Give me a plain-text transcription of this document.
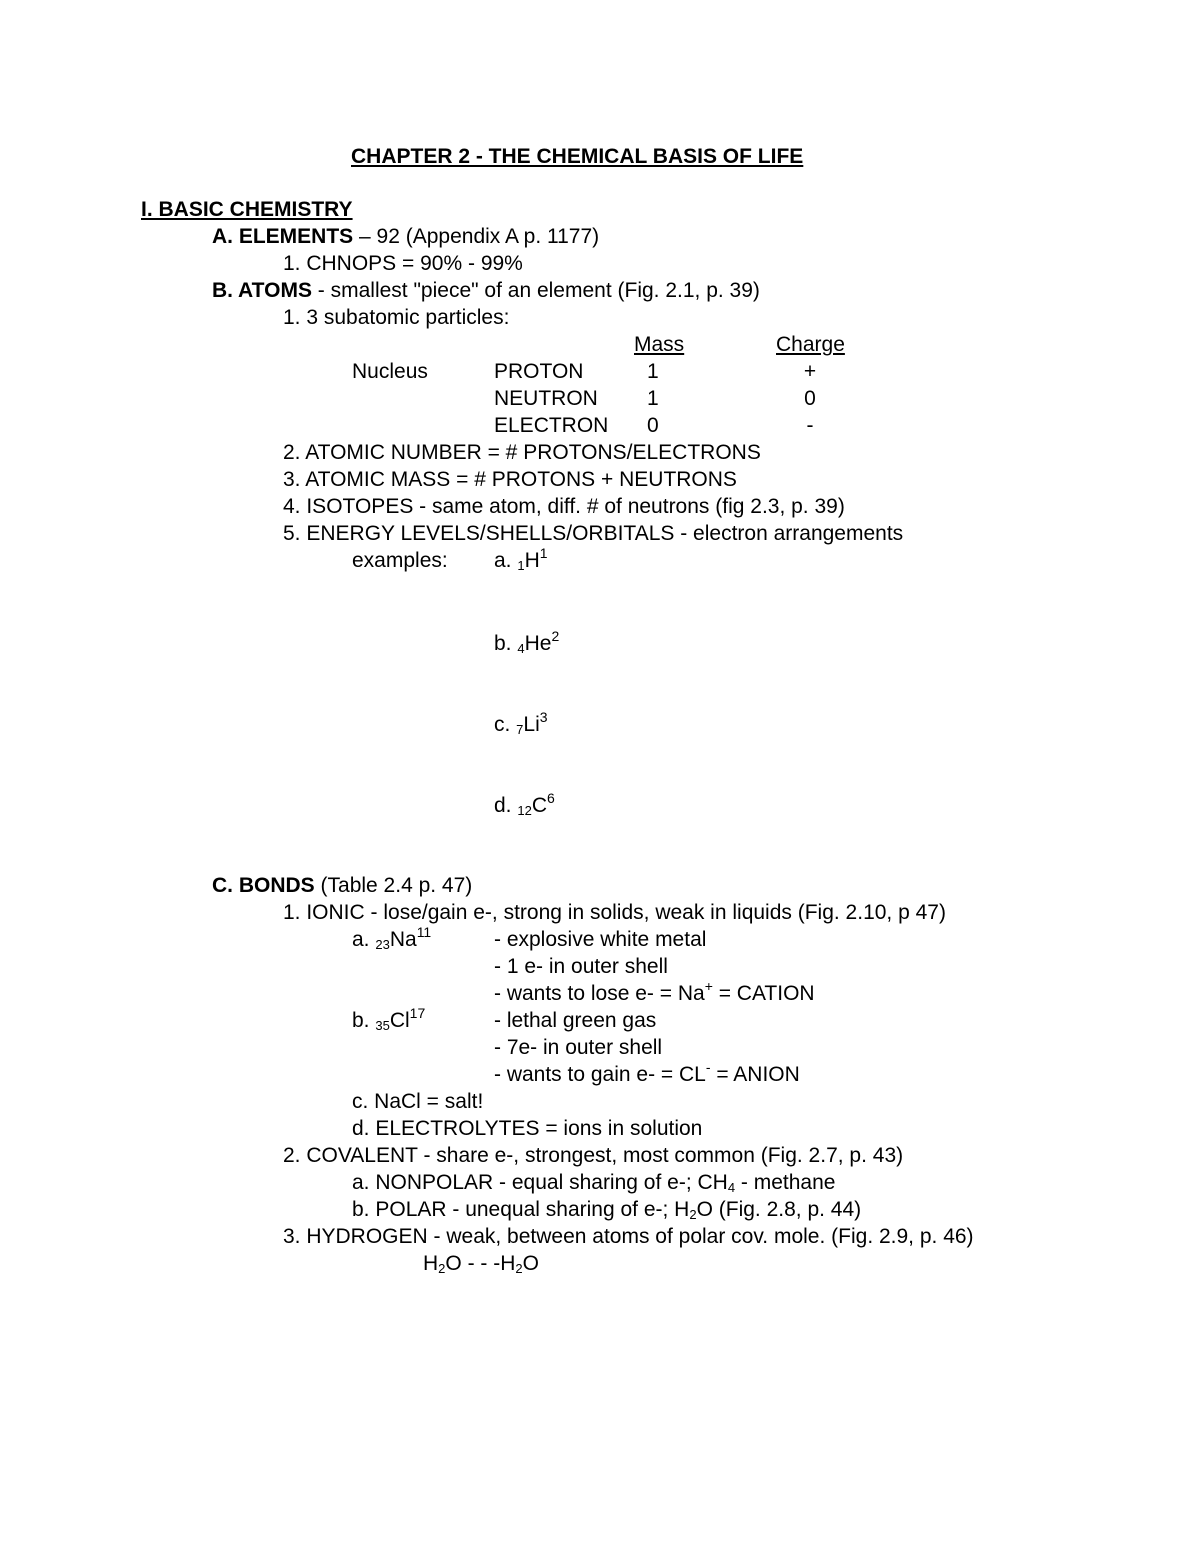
CHAPTER 2 - THE CHEMICAL BASIS OF LIFE
I. BASIC CHEMISTRY
A. ELEMENTS – 92 (Appendix A p. 1177)
1. CHNOPS = 90% - 99%
B. ATOMS - smallest "piece" of an element (Fig. 2.1, p. 39)
1. 3 subatomic particles:
Mass	Charge
Nucleus	PROTON	1	+
NEUTRON 1	0
ELECTRON 0	-
2. ATOMIC NUMBER = # PROTONS/ELECTRONS
3. ATOMIC MASS = # PROTONS + NEUTRONS
4. ISOTOPES - same atom, diff. # of neutrons (fig 2.3, p. 39)
5. ENERGY LEVELS/SHELLS/ORBITALS - electron arrangements
examples: a. $_1H^1$
b. $_4He^2$
c. $_7Li^3$
d. $_{12}C^6$
C. BONDS (Table 2.4 p. 47)
1. IONIC - lose/gain e-, strong in solids, weak in liquids (Fig. 2.10, p 47)
a. $_{23}Na^{11}$	- explosive white metal
- 1 e- in outer shell
- wants to lose e- = Na+ = CATION
b. $_{35}Cl^{17}$	- lethal green gas
- 7e- in outer shell
- wants to gain e- = CL- = ANION
c. NaCl = salt!
d. ELECTROLYTES = ions in solution
2. COVALENT - share e-, strongest, most common (Fig. 2.7, p. 43)
a. NONPOLAR - equal sharing of e-; $CH_4$ - methane
b. POLAR - unequal sharing of e-; $H_2O$ (Fig. 2.8, p. 44)
3. HYDROGEN - weak, between atoms of polar cov. mole. (Fig. 2.9, p. 46)
$H_2O$ - - $-H_2O$
